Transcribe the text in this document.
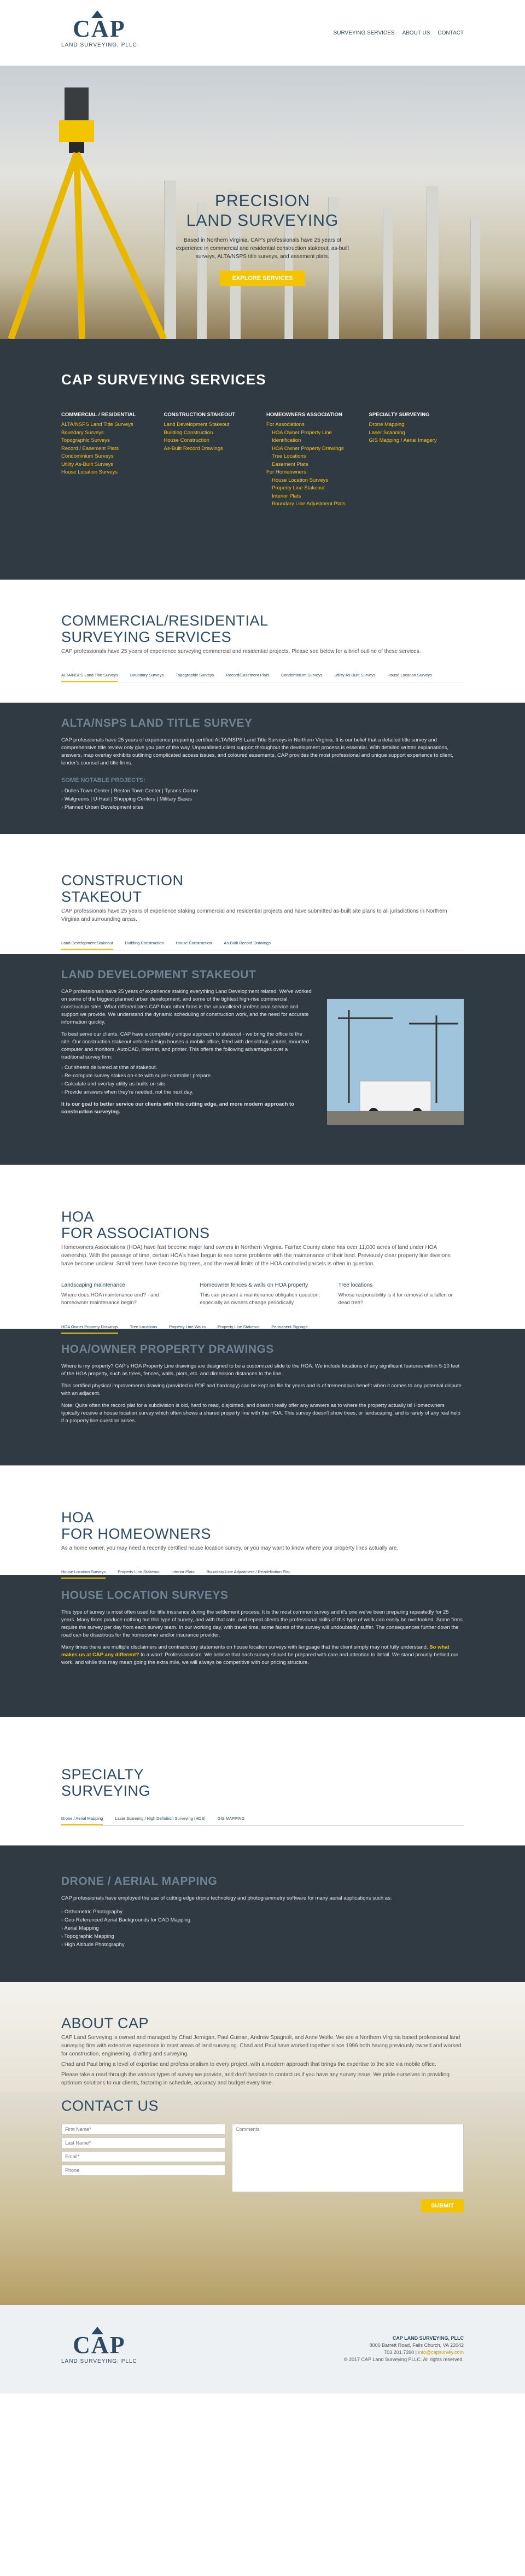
CAP
LAND SURVEYING, PLLC
SURVEYING SERVICES ABOUT US CONTACT
PRECISION
LAND SURVEYING
Based in Northern Virginia, CAP's professionals have 25 years of experience in commercial and residential construction stakeout, as-built surveys, ALTA/NSPS title surveys, and easement plats.
EXPLORE SERVICES
CAP SURVEYING SERVICES
COMMERCIAL / RESIDENTIAL
ALTA/NSPS Land Title Surveys
Boundary Surveys
Topographic Surveys
Record / Easement Plats
Condominium Surveys
Utility As-Built Surveys
House Location Surveys
CONSTRUCTION STAKEOUT
Land Development Stakeout
Building Construction
House Construction
As-Built Record Drawings
HOMEOWNERS ASSOCIATION
For Associations
HOA Owner Property Line Identification
HOA Owner Property Drawings
Tree Locations
Easement Plats
For Homeowners
House Location Surveys
Property Line Stakeout
Interior Plats
Boundary Line Adjustment Plats
SPECIALTY SURVEYING
Drone Mapping
Laser Scanning
GIS Mapping / Aerial Imagery
COMMERCIAL/RESIDENTIAL
SURVEYING SERVICES
CAP professionals have 25 years of experience surveying commercial and residential projects. Please see below for a brief outline of these services.
ALTA/NSPS Land Title Surveys	Boundary Surveys	Topographic Surveys	Record/Easement Plats	Condominium Surveys	Utility As-Built Surveys	House Location Surveys
ALTA/NSPS LAND TITLE SURVEY

CAP professionals have 25 years of experience preparing certified ALTA/NSPS Land Title Surveys in Northern Virginia. It is our belief that a detailed title survey and comprehensive title review only give you part of the way. Unparalleled client support throughout the development process is essential. With detailed written explanations, answers, map overlay exhibits outlining complicated access issues, and coloured easements, CAP provides the most professional and unique support experience to client, lender's counsel and title firms.

SOME NOTABLE PROJECTS:
› Dulles Town Center | Reston Town Center | Tysons Corner
› Walgreens | U-Haul | Shopping Centers | Military Bases
› Planned Urban Development sites
CONSTRUCTION
STAKEOUT
CAP professionals have 25 years of experience staking commercial and residential projects and have submitted as-built site plans to all jurisdictions in Northern Virginia and surrounding areas.
Land Development Stakeout	Building Construction	House Construction	As-Built Record Drawings
LAND DEVELOPMENT STAKEOUT

CAP professionals have 25 years of experience staking everything Land Development related. We've worked on some of the biggest planned urban development, and some of the tightest high-rise commercial construction sites. What differentiates CAP from other firms is the unparalleled professional service and support we provide. We understand the dynamic scheduling of construction work, and the need for accurate information quickly.

To best serve our clients, CAP have a completely unique approach to stakeout - we bring the office to the site. Our construction stakeout vehicle design houses a mobile office, fitted with desk/chair, printer, mounted computer and monitors, AutoCAD, internet, and printer. This offers the following advantages over a traditional survey firm:

› Cut sheets delivered at time of stakeout.
› Re-compute survey stakes on-site with super-controller prepare.
› Calculate and overlay utility as-builts on site.
› Provide answers when they're needed, not the next day.

It is our goal to better service our clients with this cutting edge, and more modern approach to construction surveying.

HOA
FOR ASSOCIATIONS
Homeowners Associations (HOA) have fast become major land owners in Northern Virginia. Fairfax County alone has over 11,000 acres of land under HOA ownership. With the passage of time, certain HOA's have begun to see some problems with the maintenance of their land. Previously clear property line divisions have become unclear. Small trees have become big trees, and the overall limits of the HOA controlled parcels is often in question.
Landscaping maintenance

Where does HOA maintenance end? - and homeowner maintenance begin?

Homeowner fences & walls on HOA property

This can present a maintenance obligation question; especially as owners change periodically.

Tree locations

Whose responsibility is it for removal of a fallen or dead tree?

HOA Owner Property Drawings	Tree Locations	Property Line Walks	Property Line Stakeout	Permanent Signage
HOA/OWNER PROPERTY DRAWINGS

Where is my property? CAP's HOA Property Line drawings are designed to be a customized slide to the HOA. We include locations of any significant features within 5-10 feet of the HOA property, such as trees, fences, walls, piers, etc. and dimension distances to the line.

This certified physical improvements drawing (provided in PDF and hardcopy) can be kept on file for years and is of tremendous benefit when it comes to any potential dispute with an adjacent.

Note: Quite often the record plat for a subdivision is old, hard to read, disjointed, and doesn't really offer any answers as to where the property actually is! Homeowners typically receive a house location survey which often shows a shared property line with the HOA. This survey doesn't show trees, or landscaping, and is rarely of any real help if a property line question arises.

HOA
FOR HOMEOWNERS
As a home owner, you may need a recently certified house location survey, or you may want to know where your property lines actually are.
House Location Surveys	Property Line Stakeout	Interior Plats	Boundary Line Adjustment / Rezdefinition Plat
HOUSE LOCATION SURVEYS

This type of survey is most often used for title insurance during the settlement process. It is the most common survey and it's one we've been preparing repeatedly for 25 years. Many firms produce nothing but this type of survey, and with that rate, and repeat clients the professional skills of this type of work can easily be overlooked. Some firms require the survey per day from each survey team. In our working day, with travel time, some facets of the survey will undoubtedly suffer. The consequences further down the road can be disastrous for the homeowner and/or insurance provider.

Many times there are multiple disclaimers and contradictory statements on house location surveys with language that the client simply may not fully understand. So what makes us at CAP any different? In a word: Professionalism. We believe that each survey should be prepared with care and attention to detail. We stand proudly behind our work, and while this may mean going the extra mile, we will always be competitive with our pricing structure.

SPECIALTY
SURVEYING
Drone / Aerial Mapping	Laser Scanning / High Definition Surveying (HDS)	GIS MAPPING
DRONE / AERIAL MAPPING

CAP professionals have employed the use of cutting edge drone technology and photogrammetry software for many aerial applications such as:

› Orthometric Photography
› Geo-Referenced Aerial Backgrounds for CAD Mapping
› Aerial Mapping
› Topographic Mapping
› High Altitude Photography
ABOUT CAP

CAP Land Surveying is owned and managed by Chad Jernigan, Paul Guinan, Andrew Spagnoli, and Anne Wolfe. We are a Northern Virginia based professional land surveying firm with extensive experience in most areas of land surveying. Chad and Paul have worked together since 1996 both having previously owned and worked for construction, engineering, drafting and surveying.

Chad and Paul bring a level of expertise and professionalism to every project, with a modern approach that brings the expertise to the site via mobile office.

Please take a read through the various types of survey we provide, and don't hesitate to contact us if you have any survey issue. We pride ourselves in providing optimum solutions to our clients, factoring in schedule, accuracy and budget every time.

CONTACT US
First Name* Last Name* Email* Phone
Comments
SUBMIT
CAP
LAND SURVEYING, PLLC
CAP LAND SURVEYING, PLLC
8000 Barrett Road, Falls Church, VA 22042
703.201.7390 | info@capsurvey.com
© 2017 CAP Land Surveying PLLC. All rights reserved.
